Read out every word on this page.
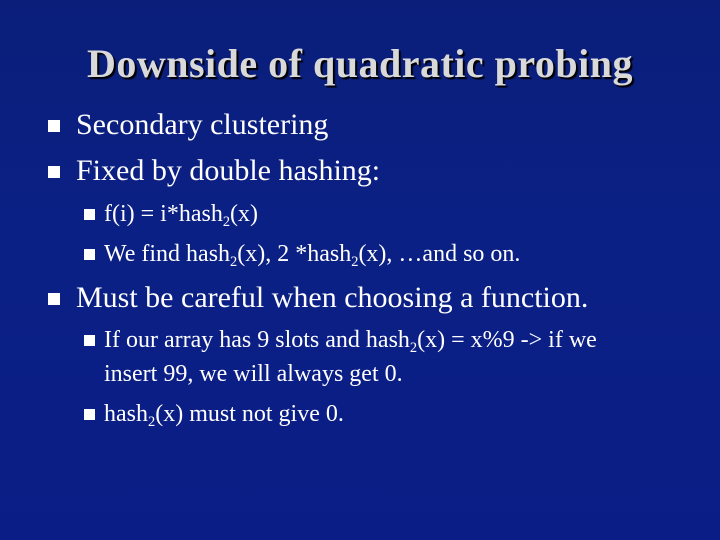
Downside of quadratic probing
Secondary clustering
Fixed by double hashing:
f(i) = i*hash$_2$(x)
We find hash$_2$(x), 2 *hash$_2$(x), …and so on.
Must be careful when choosing a function.
If our array has 9 slots and hash$_2$(x) = x%9 -> if we
insert 99, we will always get 0.
hash$_2$(x) must not give 0.
